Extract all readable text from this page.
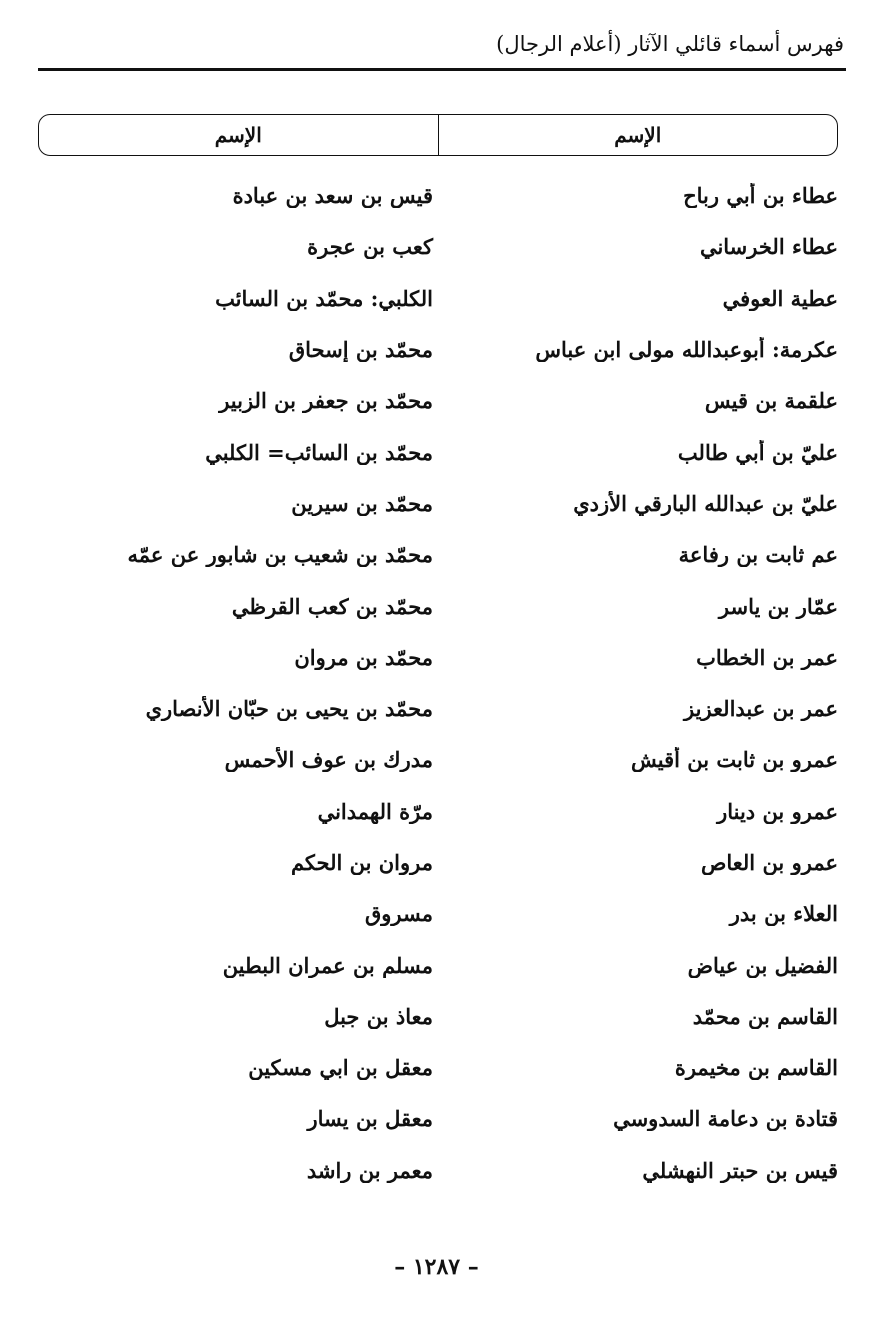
فهرس أسماء قائلي الآثار (أعلام الرجال)
الإسم
الإسم
عطاء بن أبي رباح
قيس بن سعد بن عبادة
عطاء الخرساني
كعب بن عجرة
عطية العوفي
الكلبي: محمّد بن السائب
عكرمة: أبوعبدالله مولى ابن عباس
محمّد بن إسحاق
علقمة بن قيس
محمّد بن جعفر بن الزبير
عليّ بن أبي طالب
محمّد بن السائب= الكلبي
عليّ بن عبدالله البارقي الأزدي
محمّد بن سيرين
عم ثابت بن رفاعة
محمّد بن شعيب بن شابور عن عمّه
عمّار بن ياسر
محمّد بن كعب القرظي
عمر بن الخطاب
محمّد بن مروان
عمر بن عبدالعزيز
محمّد بن يحيى بن حبّان الأنصاري
عمرو بن ثابت بن أقيش
مدرك بن عوف الأحمس
عمرو بن دينار
مرّة الهمداني
عمرو بن العاص
مروان بن الحكم
العلاء بن بدر
مسروق
الفضيل بن عياض
مسلم بن عمران البطين
القاسم بن محمّد
معاذ بن جبل
القاسم بن مخيمرة
معقل بن ابي مسكين
قتادة بن دعامة السدوسي
معقل بن يسار
قيس بن حبتر النهشلي
معمر بن راشد
– ١٢٨٧ –
